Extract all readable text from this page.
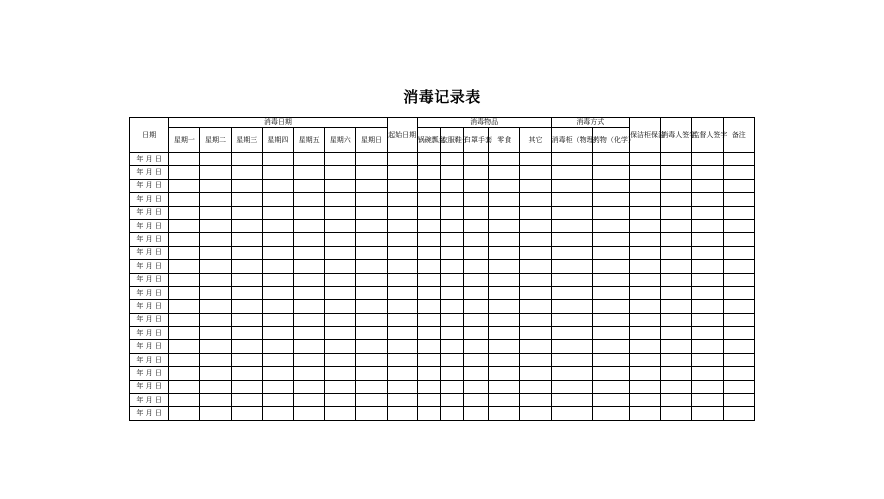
消毒记录表
日期	消毒日期							起始日期	消毒物品					消毒方式		保洁柜保洁	消毒人签字	监督人签字	备注
	星期一	星期二	星期三	星期四	星期五	星期六	星期日		锅碗瓢盆	衣服鞋子	口罩手套	零食	其它	消毒柜（物理）	药物（化学）				
年 月 日																			
年 月 日																			
年 月 日																			
年 月 日																			
年 月 日																			
年 月 日																			
年 月 日																			
年 月 日																			
年 月 日																			
年 月 日																			
年 月 日																			
年 月 日																			
年 月 日																			
年 月 日																			
年 月 日																			
年 月 日																			
年 月 日																			
年 月 日																			
年 月 日																			
年 月 日																			
